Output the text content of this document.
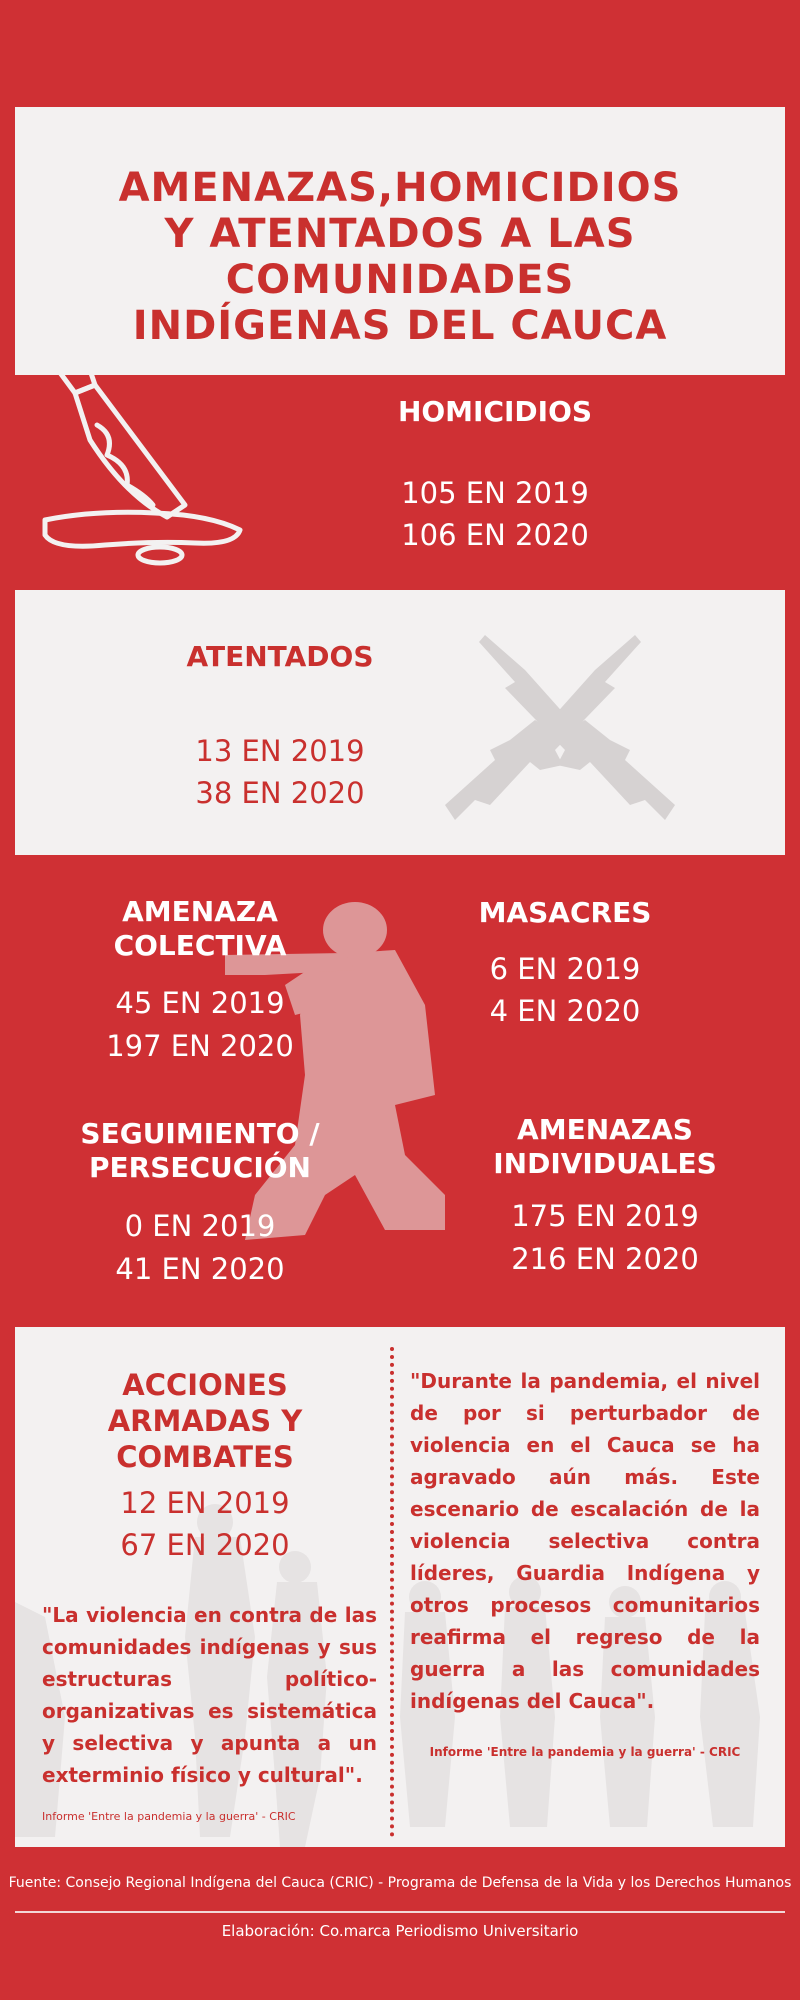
AMENAZAS,HOMICIDIOS
Y ATENTADOS A LAS
COMUNIDADES
INDÍGENAS DEL CAUCA
HOMICIDIOS
105 EN 2019
106 EN 2020
ATENTADOS
13 EN 2019
38 EN 2020
AMENAZA
COLECTIVA
45 EN 2019
197 EN 2020
MASACRES
6 EN 2019
4 EN 2020
SEGUIMIENTO /
PERSECUCIÓN
0 EN 2019
41 EN 2020
AMENAZAS
INDIVIDUALES
175 EN 2019
216 EN 2020
ACCIONES
ARMADAS Y
COMBATES
12 EN 2019
67 EN 2020
"La violencia en contra de las comunidades indígenas y sus estructuras político-organizativas es sistemática y selectiva y apunta a un exterminio físico y cultural".
Informe 'Entre la pandemia y la guerra' - CRIC
"Durante la pandemia, el nivel de por si perturbador de violencia en el Cauca se ha agravado aún más. Este escenario de escalación de la violencia selectiva contra líderes, Guardia Indígena y otros procesos comunitarios reafirma el regreso de la guerra a las comunidades indígenas del Cauca".
Informe 'Entre la pandemia y la guerra' - CRIC
Fuente: Consejo Regional Indígena del Cauca (CRIC) - Programa de Defensa de la Vida y los Derechos Humanos
Elaboración: Co.marca Periodismo Universitario
